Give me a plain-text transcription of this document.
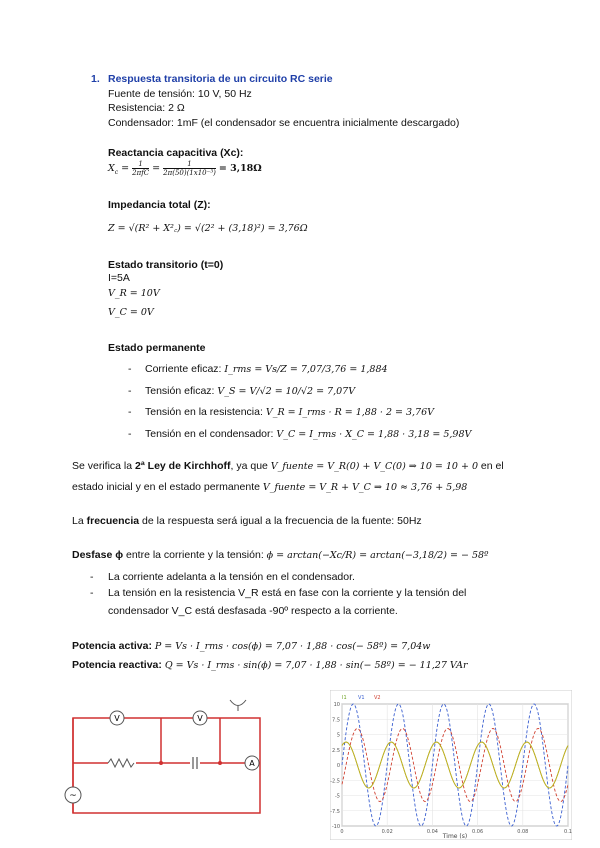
1. Respuesta transitoria de un circuito RC serie
Fuente de tensión: 10 V, 50 Hz
Resistencia: 2 Ω
Condensador: 1mF (el condensador se encuentra inicialmente descargado)
Reactancia capacitiva (Xc):
$X_c = \frac{1}{\text{2πfC}} = \frac{1}{\text{2π(50)(1x10⁻³)}} = 3,18\Omega$
Impedancia total (Z):
Z = √(R² + X²꜀) = √(2² + (3,18)²) = 3,76Ω
Estado transitorio (t=0)
I=5A
V_R = 10V
V_C = 0V
Estado permanente
- Corriente eficaz: I_rms = Vs/Z = 7,07/3,76 = 1,884
- Tensión eficaz: V_S = V/√2 = 10/√2 = 7,07V
- Tensión en la resistencia: V_R = I_rms · R = 1,88 · 2 = 3,76V
- Tensión en el condensador: V_C = I_rms · X_C = 1,88 · 3,18 = 5,98V
Se verifica la 2ª Ley de Kirchhoff, ya que V_fuente = V_R(0) + V_C(0) ⇒ 10 = 10 + 0 en el
estado inicial y en el estado permanente V_fuente = V_R + V_C ⇒ 10 ≈ 3,76 + 5,98
La frecuencia de la respuesta será igual a la frecuencia de la fuente: 50Hz
Desfase ϕ entre la corriente y la tensión: ϕ = arctan(−Xc/R) = arctan(−3,18/2) = − 58º
- La corriente adelanta a la tensión en el condensador.
- La tensión en la resistencia V_R está en fase con la corriente y la tensión del
condensador V_C está desfasada -90º respecto a la corriente.
Potencia activa: P = Vs · I_rms · cos(ϕ) = 7,07 · 1,88 · cos(− 58º) = 7,04w
Potencia reactiva: Q = Vs · I_rms · sin(ϕ) = 7,07 · 1,88 · sin(− 58º) = − 11,27 VAr
V	V
A
~
I1 V1 V2
10
7.5
5
2.5
0
-2.5
-5
-7.5
-10
0	0.02	0.04	0.06	0.08	0.1
Time (s)
